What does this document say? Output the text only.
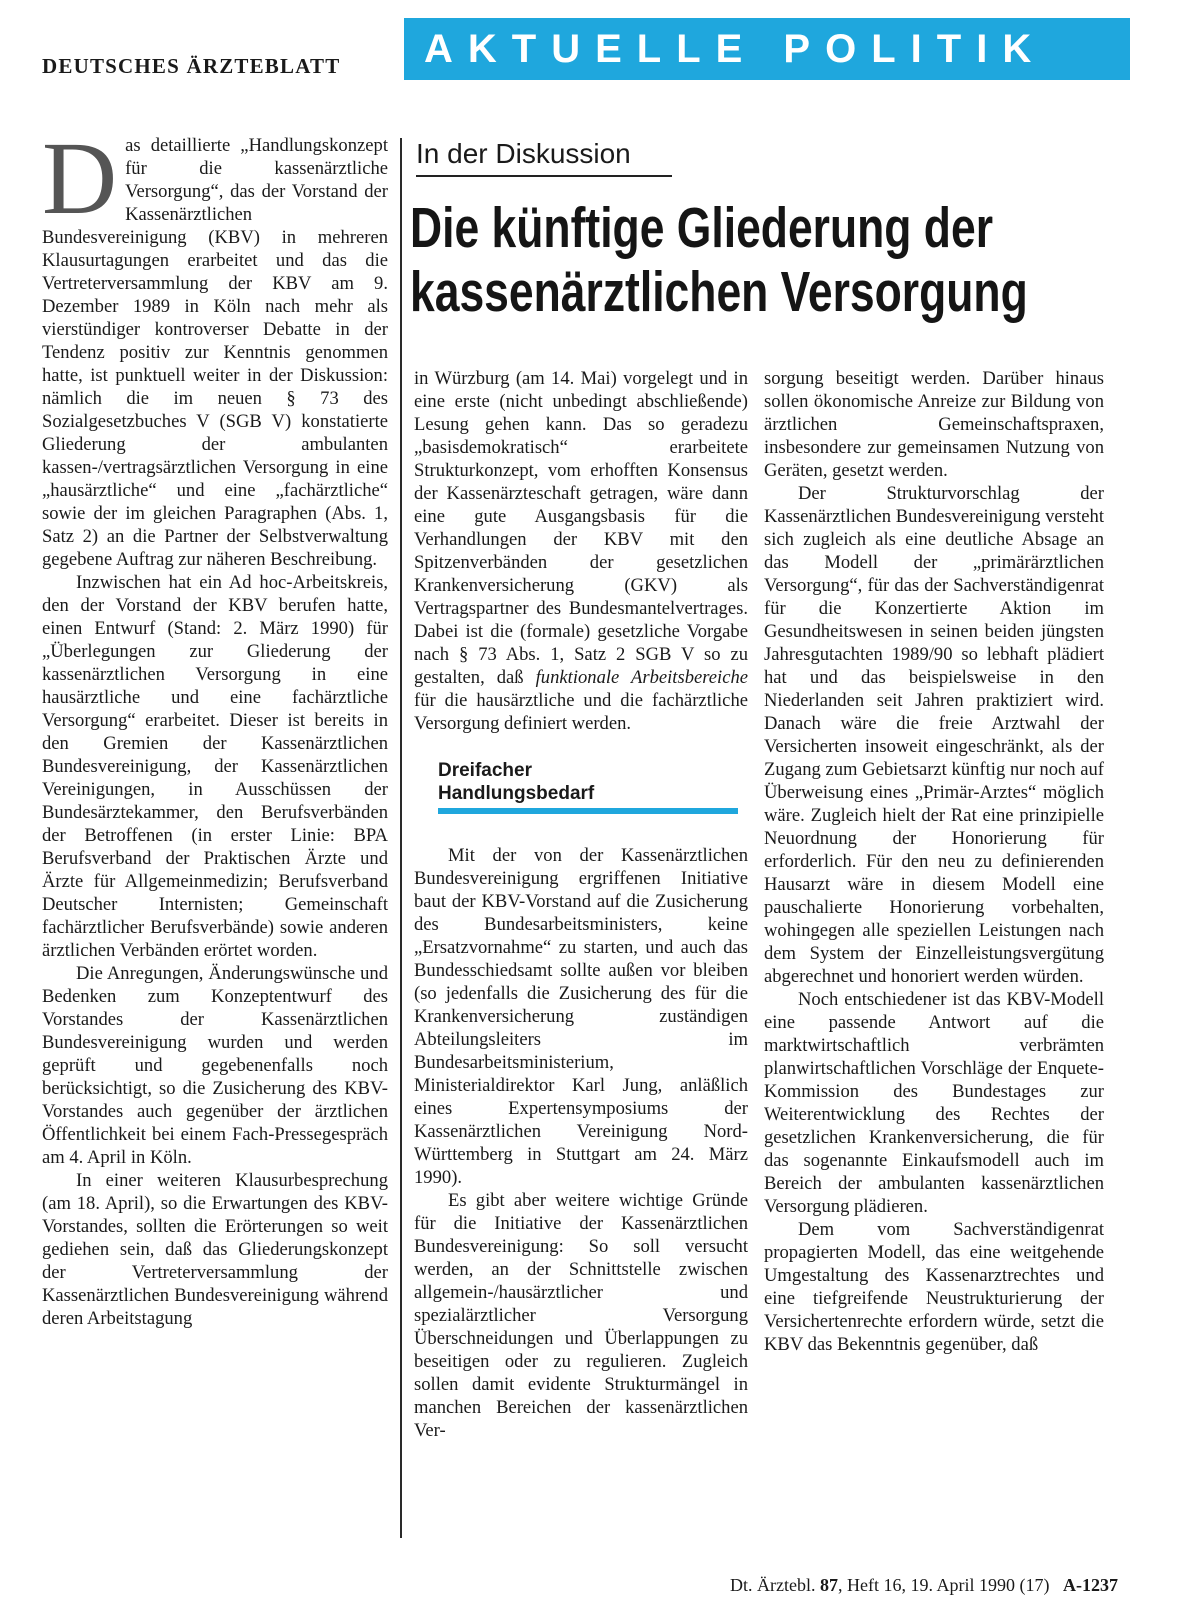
DEUTSCHES ÄRZTEBLATT	AKTUELLE POLITIK
In der Diskussion
Die künftige Gliederung der
kassenärztlichen Versorgung

Das detaillierte „Handlungskonzept für die kassenärztliche Versorgung“, das der Vorstand der Kassenärztlichen Bundesvereinigung (KBV) in mehreren Klausurtagungen erarbeitet und das die Vertreterversammlung der KBV am 9. Dezember 1989 in Köln nach mehr als vierstündiger kontroverser Debatte in der Tendenz positiv zur Kenntnis genommen hatte, ist punktuell weiter in der Diskussion: nämlich die im neuen § 73 des Sozialgesetzbuches V (SGB V) konstatierte Gliederung der ambulanten kassen-/vertragsärztlichen Versorgung in eine „hausärztliche“ und eine „fachärztliche“ sowie der im gleichen Paragraphen (Abs. 1, Satz 2) an die Partner der Selbstverwaltung gegebene Auftrag zur näheren Beschreibung.

Inzwischen hat ein Ad hoc-Arbeitskreis, den der Vorstand der KBV berufen hatte, einen Entwurf (Stand: 2. März 1990) für „Überlegungen zur Gliederung der kassenärztlichen Versorgung in eine hausärztliche und eine fachärztliche Versorgung“ erarbeitet. Dieser ist bereits in den Gremien der Kassenärztlichen Bundesvereinigung, der Kassenärztlichen Vereinigungen, in Ausschüssen der Bundesärztekammer, den Berufsverbänden der Betroffenen (in erster Linie: BPA Berufsverband der Praktischen Ärzte und Ärzte für Allgemeinmedizin; Berufsverband Deutscher Internisten; Gemeinschaft fachärztlicher Berufsverbände) sowie anderen ärztlichen Verbänden erörtet worden.

Die Anregungen, Änderungswünsche und Bedenken zum Konzeptentwurf des Vorstandes der Kassenärztlichen Bundesvereinigung wurden und werden geprüft und gegebenenfalls noch berücksichtigt, so die Zusicherung des KBV-Vorstandes auch gegenüber der ärztlichen Öffentlichkeit bei einem Fach-Pressegespräch am 4. April in Köln.

In einer weiteren Klausurbesprechung (am 18. April), so die Erwartungen des KBV-Vorstandes, sollten die Erörterungen so weit gediehen sein, daß das Gliederungskonzept der Vertreterversammlung der Kassenärztlichen Bundesvereinigung während deren Arbeitstagung

in Würzburg (am 14. Mai) vorgelegt und in eine erste (nicht unbedingt abschließende) Lesung gehen kann. Das so geradezu „basisdemokratisch“ erarbeitete Strukturkonzept, vom erhofften Konsensus der Kassenärzteschaft getragen, wäre dann eine gute Ausgangsbasis für die Verhandlungen der KBV mit den Spitzenverbänden der gesetzlichen Krankenversicherung (GKV) als Vertragspartner des Bundesmantelvertrages. Dabei ist die (formale) gesetzliche Vorgabe nach § 73 Abs. 1, Satz 2 SGB V so zu gestalten, daß funktionale Arbeitsbereiche für die hausärztliche und die fachärztliche Versorgung definiert werden.

Dreifacher
Handlungsbedarf

Mit der von der Kassenärztlichen Bundesvereinigung ergriffenen Initiative baut der KBV-Vorstand auf die Zusicherung des Bundesarbeitsministers, keine „Ersatzvornahme“ zu starten, und auch das Bundesschiedsamt sollte außen vor bleiben (so jedenfalls die Zusicherung des für die Krankenversicherung zuständigen Abteilungsleiters im Bundesarbeitsministerium, Ministerialdirektor Karl Jung, anläßlich eines Expertensymposiums der Kassenärztlichen Vereinigung Nord-Württemberg in Stuttgart am 24. März 1990).

Es gibt aber weitere wichtige Gründe für die Initiative der Kassenärztlichen Bundesvereinigung: So soll versucht werden, an der Schnittstelle zwischen allgemein-/hausärztlicher und spezialärztlicher Versorgung Überschneidungen und Überlappungen zu beseitigen oder zu regulieren. Zugleich sollen damit evidente Strukturmängel in manchen Bereichen der kassenärztlichen Ver-

sorgung beseitigt werden. Darüber hinaus sollen ökonomische Anreize zur Bildung von ärztlichen Gemeinschaftspraxen, insbesondere zur gemeinsamen Nutzung von Geräten, gesetzt werden.

Der Strukturvorschlag der Kassenärztlichen Bundesvereinigung versteht sich zugleich als eine deutliche Absage an das Modell der „primärärztlichen Versorgung“, für das der Sachverständigenrat für die Konzertierte Aktion im Gesundheitswesen in seinen beiden jüngsten Jahresgutachten 1989/90 so lebhaft plädiert hat und das beispielsweise in den Niederlanden seit Jahren praktiziert wird. Danach wäre die freie Arztwahl der Versicherten insoweit eingeschränkt, als der Zugang zum Gebietsarzt künftig nur noch auf Überweisung eines „Primär-Arztes“ möglich wäre. Zugleich hielt der Rat eine prinzipielle Neuordnung der Honorierung für erforderlich. Für den neu zu definierenden Hausarzt wäre in diesem Modell eine pauschalierte Honorierung vorbehalten, wohingegen alle speziellen Leistungen nach dem System der Einzelleistungsvergütung abgerechnet und honoriert werden würden.

Noch entschiedener ist das KBV-Modell eine passende Antwort auf die marktwirtschaftlich verbrämten planwirtschaftlichen Vorschläge der Enquete-Kommission des Bundestages zur Weiterentwicklung des Rechtes der gesetzlichen Krankenversicherung, die für das sogenannte Einkaufsmodell auch im Bereich der ambulanten kassenärztlichen Versorgung plädieren.

Dem vom Sachverständigenrat propagierten Modell, das eine weitgehende Umgestaltung des Kassenarztrechtes und eine tiefgreifende Neustrukturierung der Versichertenrechte erfordern würde, setzt die KBV das Bekenntnis gegenüber, daß

Dt. Ärztebl. 87, Heft 16, 19. April 1990 (17) A-1237
